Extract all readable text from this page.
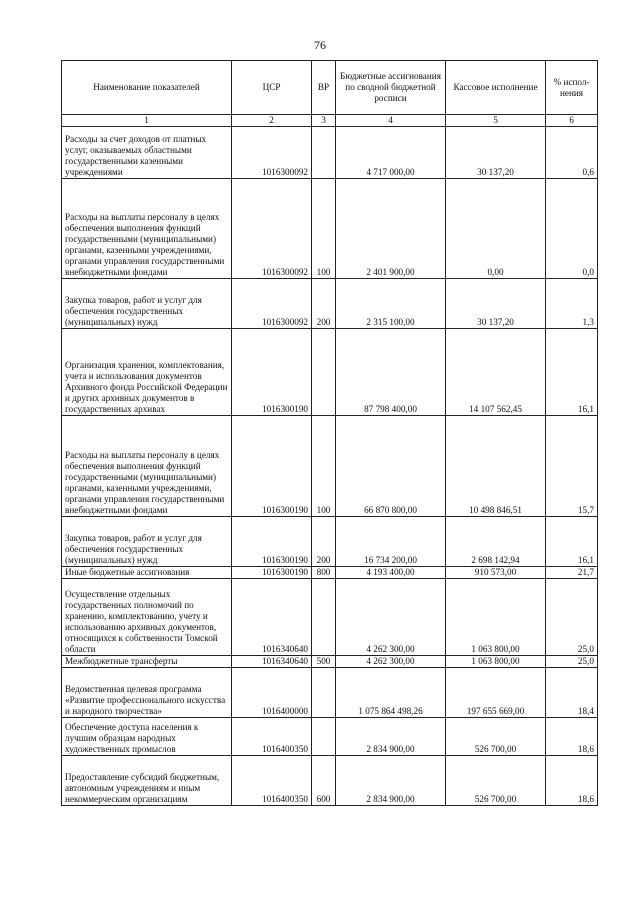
76
Наименование показателей	ЦСР	ВР	Бюджетные ассигнования по сводной бюджетной росписи	Кассовое исполнение	% испол-нения
1	2	3	4	5	6
Расходы за счет доходов от платных услуг, оказываемых областными государственными казенными учреждениями	1016300092		4 717 000,00	30 137,20	0,6
Расходы на выплаты персоналу в целях обеспечения выполнения функций государственными (муниципальными) органами, казенными учреждениями, органами управления государственными внебюджетными фондами	1016300092	100	2 401 900,00	0,00	0,0
Закупка товаров, работ и услуг для обеспечения государственных (муниципальных) нужд	1016300092	200	2 315 100,00	30 137,20	1,3
Организация хранения, комплектования, учета и использования документов Архивного фонда Российской Федерации и других архивных документов в государственных архивах	1016300190		87 798 400,00	14 107 562,45	16,1
Расходы на выплаты персоналу в целях обеспечения выполнения функций государственными (муниципальными) органами, казенными учреждениями, органами управления государственными внебюджетными фондами	1016300190	100	66 870 800,00	10 498 846,51	15,7
Закупка товаров, работ и услуг для обеспечения государственных (муниципальных) нужд	1016300190	200	16 734 200,00	2 698 142,94	16,1
Иные бюджетные ассигнования	1016300190	800	4 193 400,00	910 573,00	21,7
Осуществление отдельных государственных полномочий по хранению, комплектованию, учету и использованию архивных документов, относящихся к собственности Томской области	1016340640		4 262 300,00	1 063 800,00	25,0
Межбюджетные трансферты	1016340640	500	4 262 300,00	1 063 800,00	25,0
Ведомственная целевая программа «Развитие профессионального искусства и народного творчества»	1016400000		1 075 864 498,26	197 655 669,00	18,4
Обеспечение доступа населения к лучшим образцам народных художественных промыслов	1016400350		2 834 900,00	526 700,00	18,6
Предоставление субсидий бюджетным, автономным учреждениям и иным некоммерческим организациям	1016400350	600	2 834 900,00	526 700,00	18,6
